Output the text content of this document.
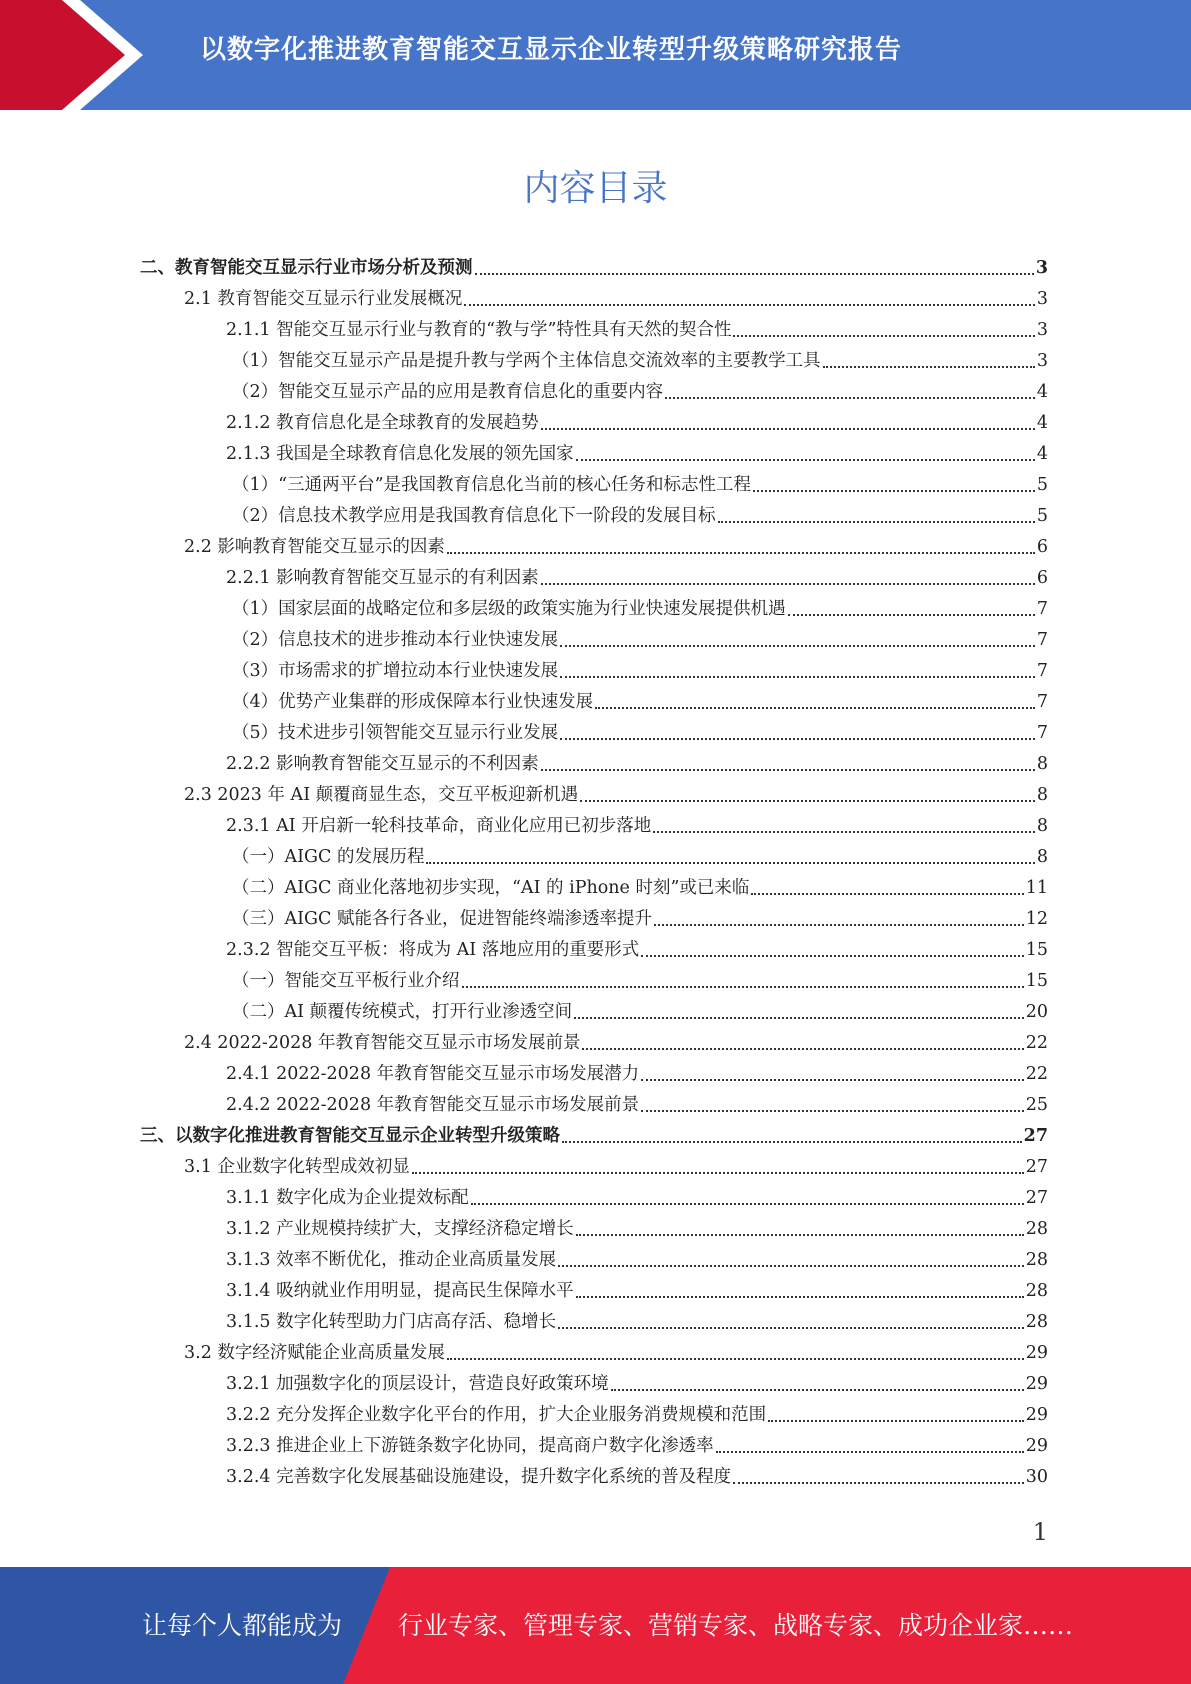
以数字化推进教育智能交互显示企业转型升级策略研究报告
内容目录
二、教育智能交互显示行业市场分析及预测	3
2.1 教育智能交互显示行业发展概况	3
2.1.1 智能交互显示行业与教育的“教与学”特性具有天然的契合性	3
（1）智能交互显示产品是提升教与学两个主体信息交流效率的主要教学工具	3
（2）智能交互显示产品的应用是教育信息化的重要内容	4
2.1.2 教育信息化是全球教育的发展趋势	4
2.1.3 我国是全球教育信息化发展的领先国家	4
（1）“三通两平台”是我国教育信息化当前的核心任务和标志性工程	5
（2）信息技术教学应用是我国教育信息化下一阶段的发展目标	5
2.2 影响教育智能交互显示的因素	6
2.2.1 影响教育智能交互显示的有利因素	6
（1）国家层面的战略定位和多层级的政策实施为行业快速发展提供机遇	7
（2）信息技术的进步推动本行业快速发展	7
（3）市场需求的扩增拉动本行业快速发展	7
（4）优势产业集群的形成保障本行业快速发展	7
（5）技术进步引领智能交互显示行业发展	7
2.2.2 影响教育智能交互显示的不利因素	8
2.3 2023 年 AI 颠覆商显生态，交互平板迎新机遇	8
2.3.1 AI 开启新一轮科技革命，商业化应用已初步落地	8
（一）AIGC 的发展历程	8
（二）AIGC 商业化落地初步实现，“AI 的 iPhone 时刻”或已来临	11
（三）AIGC 赋能各行各业，促进智能终端渗透率提升	12
2.3.2 智能交互平板：将成为 AI 落地应用的重要形式	15
（一）智能交互平板行业介绍	15
（二）AI 颠覆传统模式，打开行业渗透空间	20
2.4 2022-2028 年教育智能交互显示市场发展前景	22
2.4.1 2022-2028 年教育智能交互显示市场发展潜力	22
2.4.2 2022-2028 年教育智能交互显示市场发展前景	25
三、以数字化推进教育智能交互显示企业转型升级策略	27
3.1 企业数字化转型成效初显	27
3.1.1 数字化成为企业提效标配	27
3.1.2 产业规模持续扩大，支撑经济稳定增长	28
3.1.3 效率不断优化，推动企业高质量发展	28
3.1.4 吸纳就业作用明显，提高民生保障水平	28
3.1.5 数字化转型助力门店高存活、稳增长	28
3.2 数字经济赋能企业高质量发展	29
3.2.1 加强数字化的顶层设计，营造良好政策环境	29
3.2.2 充分发挥企业数字化平台的作用，扩大企业服务消费规模和范围	29
3.2.3 推进企业上下游链条数字化协同，提高商户数字化渗透率	29
3.2.4 完善数字化发展基础设施建设，提升数字化系统的普及程度	30
1
让每个人都能成为 行业专家、管理专家、营销专家、战略专家、成功企业家……
